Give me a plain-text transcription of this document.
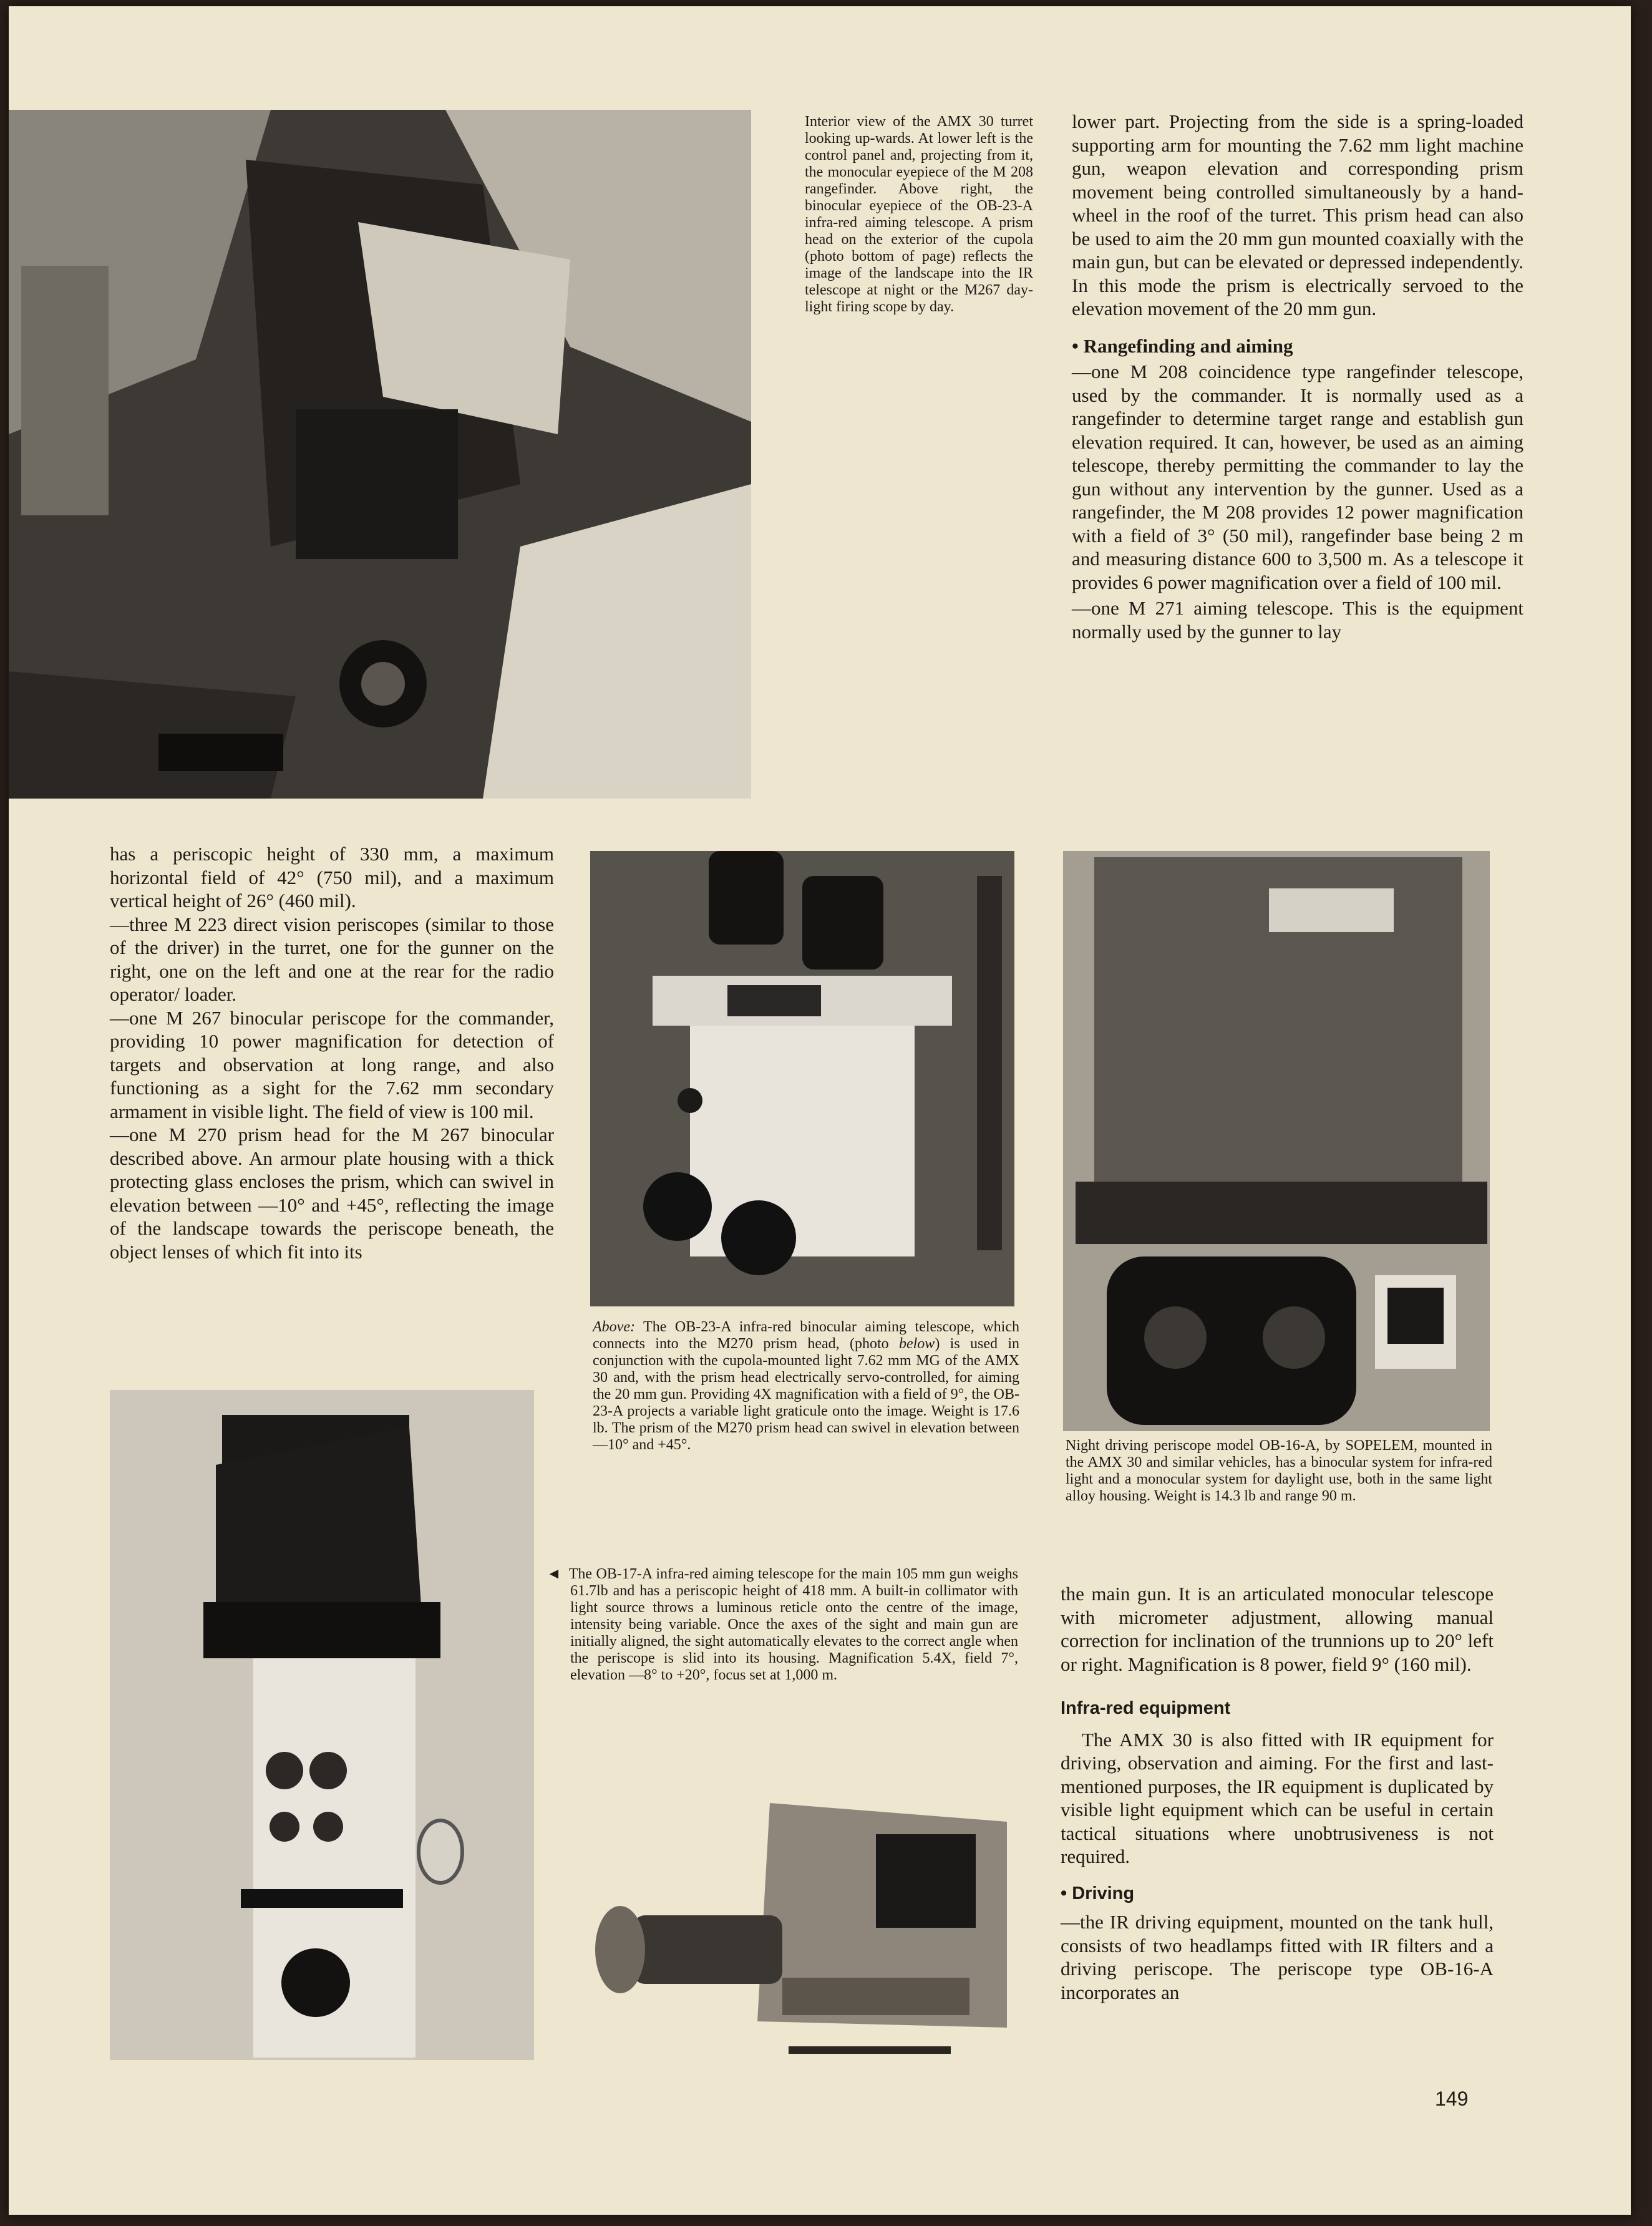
Interior view of the AMX 30 turret looking up-wards. At lower left is the control panel and, projecting from it, the monocular eyepiece of the M 208 rangefinder. Above right, the binocular eyepiece of the OB-23-A infra-red aiming telescope. A prism head on the exterior of the cupola (photo bottom of page) reflects the image of the landscape into the IR telescope at night or the M267 day-light firing scope by day.

lower part. Projecting from the side is a spring-loaded supporting arm for mounting the 7.62 mm light machine gun, weapon elevation and corresponding prism movement being controlled simultaneously by a hand-wheel in the roof of the turret. This prism head can also be used to aim the 20 mm gun mounted coaxially with the main gun, but can be elevated or depressed independently. In this mode the prism is electrically servoed to the elevation movement of the 20 mm gun.

• Rangefinding and aiming

—one M 208 coincidence type rangefinder telescope, used by the commander. It is normally used as a rangefinder to determine target range and establish gun elevation required. It can, however, be used as an aiming telescope, thereby permitting the commander to lay the gun without any intervention by the gunner. Used as a rangefinder, the M 208 provides 12 power magnification with a field of 3° (50 mil), rangefinder base being 2 m and measuring distance 600 to 3,500 m. As a telescope it provides 6 power magnification over a field of 100 mil.

—one M 271 aiming telescope. This is the equipment normally used by the gunner to lay

has a periscopic height of 330 mm, a maximum horizontal field of 42° (750 mil), and a maximum vertical height of 26° (460 mil).

—three M 223 direct vision periscopes (similar to those of the driver) in the turret, one for the gunner on the right, one on the left and one at the rear for the radio operator/ loader.

—one M 267 binocular periscope for the commander, providing 10 power magnification for detection of targets and observation at long range, and also functioning as a sight for the 7.62 mm secondary armament in visible light. The field of view is 100 mil.

—one M 270 prism head for the M 267 binocular described above. An armour plate housing with a thick protecting glass encloses the prism, which can swivel in elevation between —10° and +45°, reflecting the image of the landscape towards the periscope beneath, the object lenses of which fit into its

Above: The OB-23-A infra-red binocular aiming telescope, which connects into the M270 prism head, (photo below) is used in conjunction with the cupola-mounted light 7.62 mm MG of the AMX 30 and, with the prism head electrically servo-controlled, for aiming the 20 mm gun. Providing 4X magnification with a field of 9°, the OB-23-A projects a variable light graticule onto the image. Weight is 17.6 lb. The prism of the M270 prism head can swivel in elevation between —10° and +45°.	Night driving periscope model OB-16-A, by SOPELEM, mounted in the AMX 30 and similar vehicles, has a binocular system for infra-red light and a monocular system for daylight use, both in the same light alloy housing. Weight is 14.3 lb and range 90 m.

◄ The OB-17-A infra-red aiming telescope for the main 105 mm gun weighs 61.7lb and has a periscopic height of 418 mm. A built-in collimator with light source throws a luminous reticle onto the centre of the image, intensity being variable. Once the axes of the sight and main gun are initially aligned, the sight automatically elevates to the correct angle when the periscope is slid into its housing. Magnification 5.4X, field 7°, elevation —8° to +20°, focus set at 1,000 m.

the main gun. It is an articulated monocular telescope with micrometer adjustment, allowing manual correction for inclination of the trunnions up to 20° left or right. Magnification is 8 power, field 9° (160 mil).

Infra-red equipment

The AMX 30 is also fitted with IR equipment for driving, observation and aiming. For the first and last-mentioned purposes, the IR equipment is duplicated by visible light equipment which can be useful in certain tactical situations where unobtrusiveness is not required.

• Driving

—the IR driving equipment, mounted on the tank hull, consists of two headlamps fitted with IR filters and a driving periscope. The periscope type OB-16-A incorporates an

149
